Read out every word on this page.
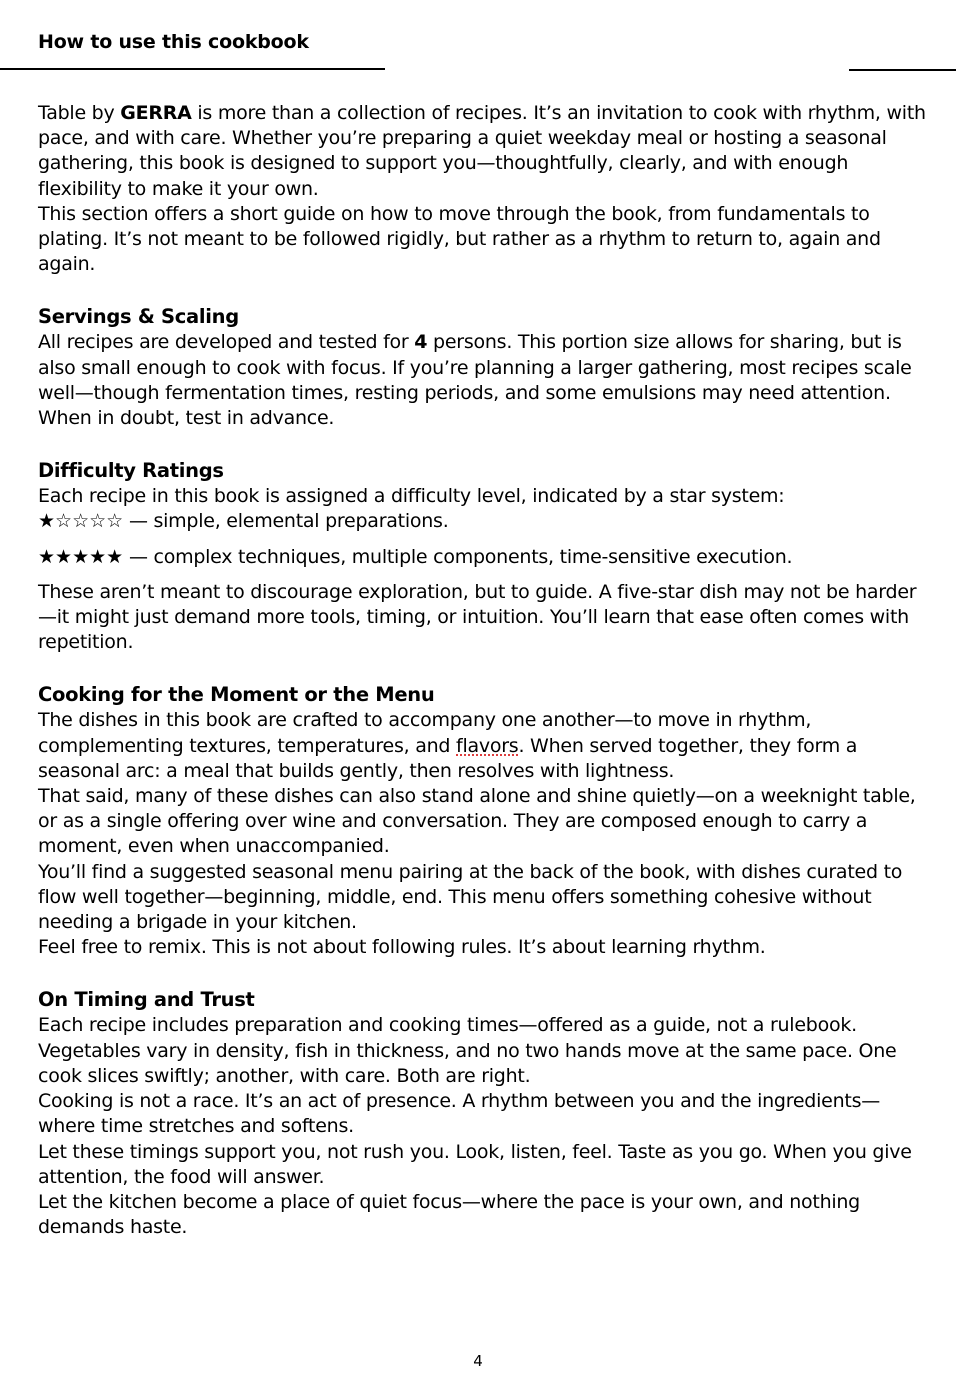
How to use this cookbook

Table by GERRA is more than a collection of recipes. It’s an invitation to cook with rhythm, with pace, and with care. Whether you’re preparing a quiet weekday meal or hosting a seasonal gathering, this book is designed to support you—thoughtfully, clearly, and with enough flexibility to make it your own.

This section offers a short guide on how to move through the book, from fundamentals to plating. It’s not meant to be followed rigidly, but rather as a rhythm to return to, again and again.

Servings & Scaling

All recipes are developed and tested for 4 persons. This portion size allows for sharing, but is also small enough to cook with focus. If you’re planning a larger gathering, most recipes scale well—though fermentation times, resting periods, and some emulsions may need attention. When in doubt, test in advance.

Difficulty Ratings

Each recipe in this book is assigned a difficulty level, indicated by a star system:

★☆☆☆☆ — simple, elemental preparations.

★★★★★ — complex techniques, multiple components, time-sensitive execution.

These aren’t meant to discourage exploration, but to guide. A five-star dish may not be harder—it might just demand more tools, timing, or intuition. You’ll learn that ease often comes with repetition.

Cooking for the Moment or the Menu

The dishes in this book are crafted to accompany one another—to move in rhythm, complementing textures, temperatures, and flavors. When served together, they form a seasonal arc: a meal that builds gently, then resolves with lightness.

That said, many of these dishes can also stand alone and shine quietly—on a weeknight table, or as a single offering over wine and conversation. They are composed enough to carry a moment, even when unaccompanied.

You’ll find a suggested seasonal menu pairing at the back of the book, with dishes curated to flow well together—beginning, middle, end. This menu offers something cohesive without needing a brigade in your kitchen.

Feel free to remix. This is not about following rules. It’s about learning rhythm.

On Timing and Trust

Each recipe includes preparation and cooking times—offered as a guide, not a rulebook. Vegetables vary in density, fish in thickness, and no two hands move at the same pace. One cook slices swiftly; another, with care. Both are right.

Cooking is not a race. It’s an act of presence. A rhythm between you and the ingredients—where time stretches and softens.

Let these timings support you, not rush you. Look, listen, feel. Taste as you go. When you give attention, the food will answer.

Let the kitchen become a place of quiet focus—where the pace is your own, and nothing demands haste.

4
